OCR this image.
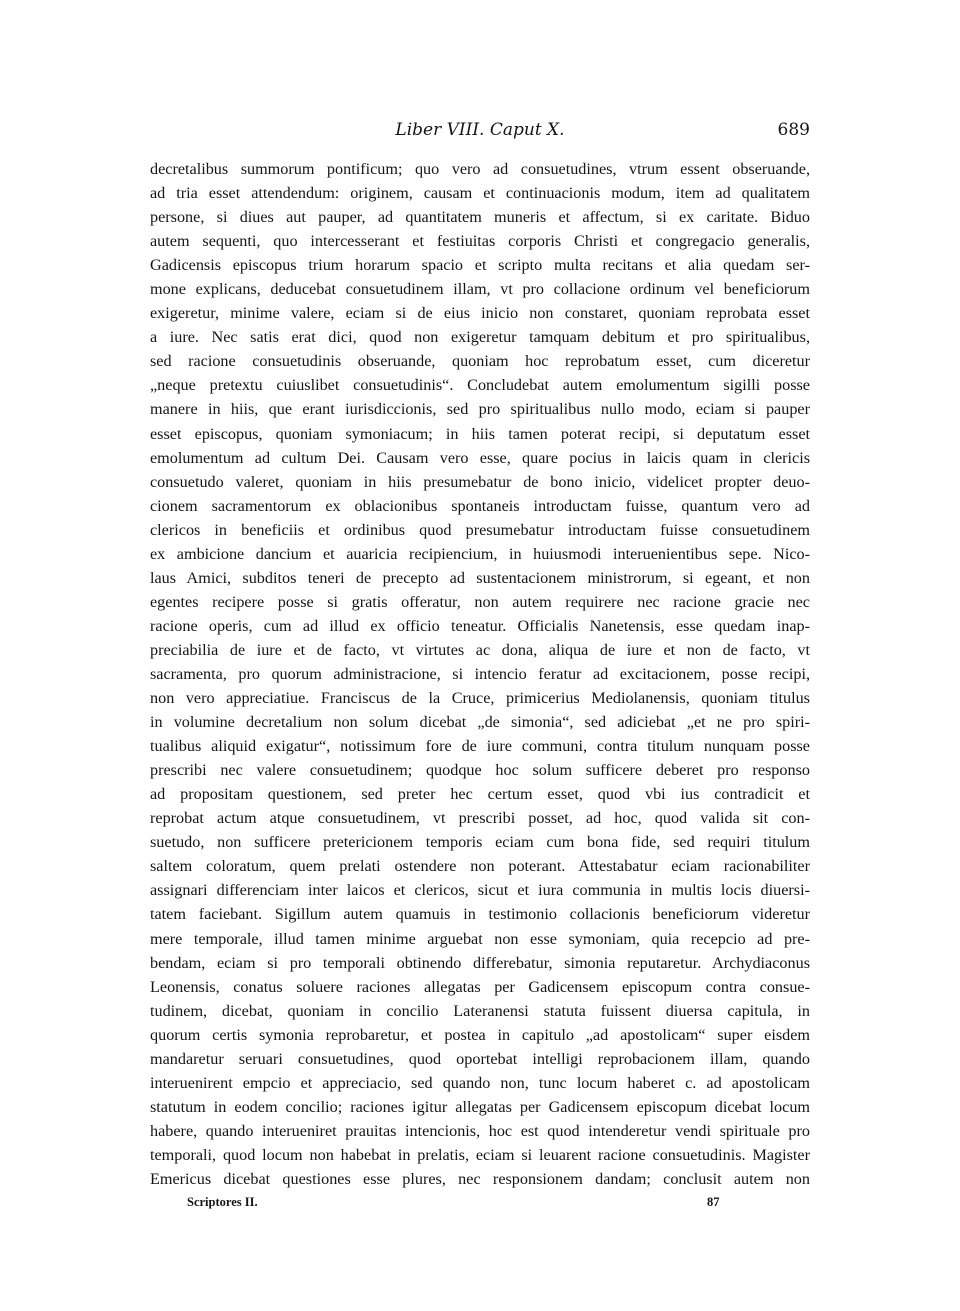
Liber VIII. Caput X.	689
decretalibus summorum pontificum; quo vero ad consuetudines, vtrum essent obseruande,
ad tria esset attendendum: originem, causam et continuacionis modum, item ad qualitatem
persone, si diues aut pauper, ad quantitatem muneris et affectum, si ex caritate. Biduo
autem sequenti, quo intercesserant et festiuitas corporis Christi et congregacio generalis,
Gadicensis episcopus trium horarum spacio et scripto multa recitans et alia quedam ser-
mone explicans, deducebat consuetudinem illam, vt pro collacione ordinum vel beneficiorum
exigeretur, minime valere, eciam si de eius inicio non constaret, quoniam reprobata esset
a iure. Nec satis erat dici, quod non exigeretur tamquam debitum et pro spiritualibus,
sed racione consuetudinis obseruande, quoniam hoc reprobatum esset, cum diceretur
„neque pretextu cuiuslibet consuetudinis“. Concludebat autem emolumentum sigilli posse
manere in hiis, que erant iurisdiccionis, sed pro spiritualibus nullo modo, eciam si pauper
esset episcopus, quoniam symoniacum; in hiis tamen poterat recipi, si deputatum esset
emolumentum ad cultum Dei. Causam vero esse, quare pocius in laicis quam in clericis
consuetudo valeret, quoniam in hiis presumebatur de bono inicio, videlicet propter deuo-
cionem sacramentorum ex oblacionibus spontaneis introductam fuisse, quantum vero ad
clericos in beneficiis et ordinibus quod presumebatur introductam fuisse consuetudinem
ex ambicione dancium et auaricia recipiencium, in huiusmodi interuenientibus sepe. Nico-
laus Amici, subditos teneri de precepto ad sustentacionem ministrorum, si egeant, et non
egentes recipere posse si gratis offeratur, non autem requirere nec racione gracie nec
racione operis, cum ad illud ex officio teneatur. Officialis Nanetensis, esse quedam inap-
preciabilia de iure et de facto, vt virtutes ac dona, aliqua de iure et non de facto, vt
sacramenta, pro quorum administracione, si intencio feratur ad excitacionem, posse recipi,
non vero appreciatiue. Franciscus de la Cruce, primicerius Mediolanensis, quoniam titulus
in volumine decretalium non solum dicebat „de simonia“, sed adiciebat „et ne pro spiri-
tualibus aliquid exigatur“, notissimum fore de iure communi, contra titulum nunquam posse
prescribi nec valere consuetudinem; quodque hoc solum sufficere deberet pro responso
ad propositam questionem, sed preter hec certum esset, quod vbi ius contradicit et
reprobat actum atque consuetudinem, vt prescribi posset, ad hoc, quod valida sit con-
suetudo, non sufficere pretericionem temporis eciam cum bona fide, sed requiri titulum
saltem coloratum, quem prelati ostendere non poterant. Attestabatur eciam racionabiliter
assignari differenciam inter laicos et clericos, sicut et iura communia in multis locis diuersi-
tatem faciebant. Sigillum autem quamuis in testimonio collacionis beneficiorum videretur
mere temporale, illud tamen minime arguebat non esse symoniam, quia recepcio ad pre-
bendam, eciam si pro temporali obtinendo differebatur, simonia reputaretur. Archydiaconus
Leonensis, conatus soluere raciones allegatas per Gadicensem episcopum contra consue-
tudinem, dicebat, quoniam in concilio Lateranensi statuta fuissent diuersa capitula, in
quorum certis symonia reprobaretur, et postea in capitulo „ad apostolicam“ super eisdem
mandaretur seruari consuetudines, quod oportebat intelligi reprobacionem illam, quando
interuenirent empcio et appreciacio, sed quando non, tunc locum haberet c. ad apostolicam
statutum in eodem concilio; raciones igitur allegatas per Gadicensem episcopum dicebat locum
habere, quando interueniret prauitas intencionis, hoc est quod intenderetur vendi spirituale pro
temporali, quod locum non habebat in prelatis, eciam si leuarent racione consuetudinis. Magister
Emericus dicebat questiones esse plures, nec responsionem dandam; conclusit autem non
Scriptores II.	87
